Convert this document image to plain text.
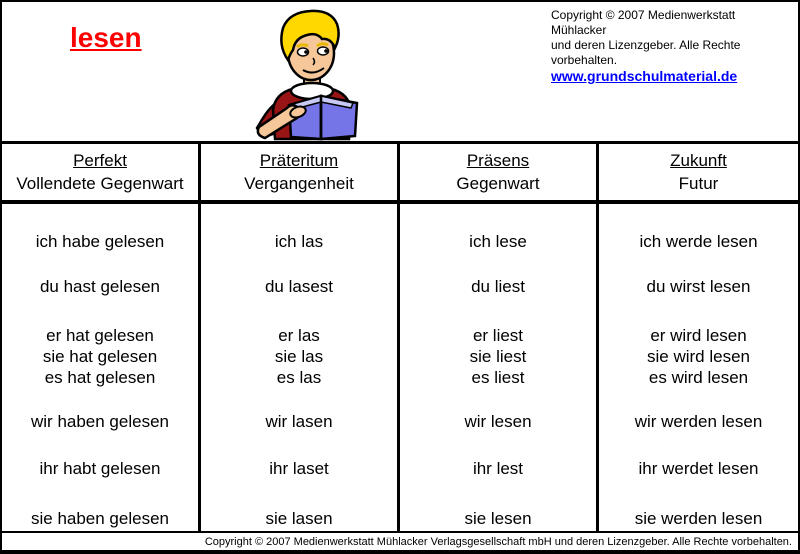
lesen
Copyright © 2007 Medienwerkstatt Mühlacker
und deren Lizenzgeber. Alle Rechte vorbehalten.
www.grundschulmaterial.de
Perfekt
Vollendete Gegenwart
ich habe gelesen
du hast gelesen
er hat gelesen
sie hat gelesen
es hat gelesen
wir haben gelesen
ihr habt gelesen
sie haben gelesen
Präteritum
Vergangenheit
ich las
du lasest
er las
sie las
es las
wir lasen
ihr laset
sie lasen
Präsens
Gegenwart
ich lese
du liest
er liest
sie liest
es liest
wir lesen
ihr lest
sie lesen
Zukunft
Futur
ich werde lesen
du wirst lesen
er wird lesen
sie wird lesen
es wird lesen
wir werden lesen
ihr werdet lesen
sie werden lesen
Copyright © 2007 Medienwerkstatt Mühlacker Verlagsgesellschaft mbH und deren Lizenzgeber. Alle Rechte vorbehalten.
